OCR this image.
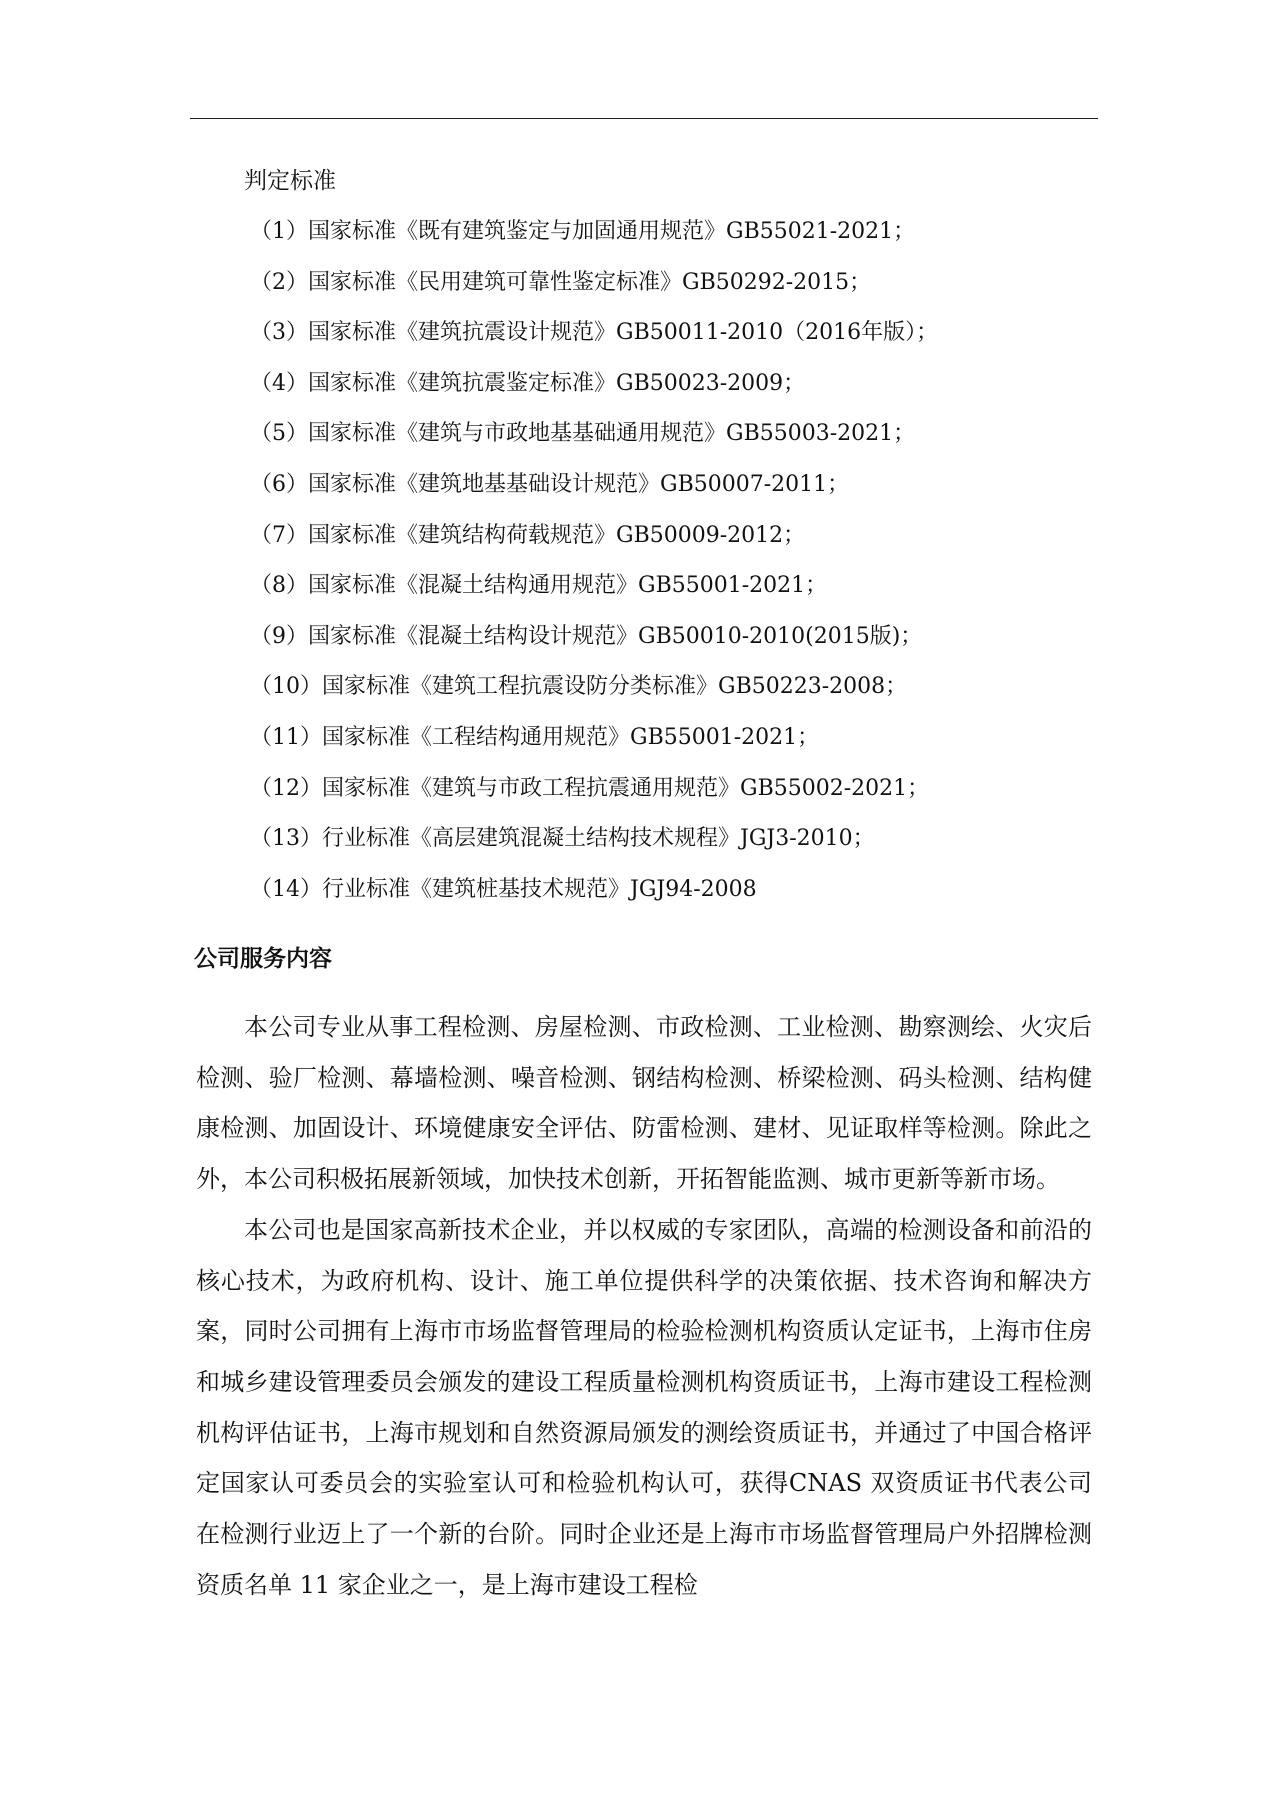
判定标准
（1）国家标准《既有建筑鉴定与加固通用规范》GB55021-2021；
（2）国家标准《民用建筑可靠性鉴定标准》GB50292-2015；
（3）国家标准《建筑抗震设计规范》GB50011-2010（2016年版）；
（4）国家标准《建筑抗震鉴定标准》GB50023-2009；
（5）国家标准《建筑与市政地基基础通用规范》GB55003-2021；
（6）国家标准《建筑地基基础设计规范》GB50007-2011；
（7）国家标准《建筑结构荷载规范》GB50009-2012；
（8）国家标准《混凝土结构通用规范》GB55001-2021；
（9）国家标准《混凝土结构设计规范》GB50010-2010(2015版)；
（10）国家标准《建筑工程抗震设防分类标准》GB50223-2008；
（11）国家标准《工程结构通用规范》GB55001-2021；
（12）国家标准《建筑与市政工程抗震通用规范》GB55002-2021；
（13）行业标准《高层建筑混凝土结构技术规程》JGJ3-2010；
（14）行业标准《建筑桩基技术规范》JGJ94-2008
公司服务内容

本公司专业从事工程检测、房屋检测、市政检测、工业检测、勘察测绘、火灾后检测、验厂检测、幕墙检测、噪音检测、钢结构检测、桥梁检测、码头检测、结构健康检测、加固设计、环境健康安全评估、防雷检测、建材、见证取样等检测。除此之外，本公司积极拓展新领域，加快技术创新，开拓智能监测、城市更新等新市场。

本公司也是国家高新技术企业，并以权威的专家团队，高端的检测设备和前沿的核心技术，为政府机构、设计、施工单位提供科学的决策依据、技术咨询和解决方案，同时公司拥有上海市市场监督管理局的检验检测机构资质认定证书，上海市住房和城乡建设管理委员会颁发的建设工程质量检测机构资质证书，上海市建设工程检测机构评估证书，上海市规划和自然资源局颁发的测绘资质证书，并通过了中国合格评定国家认可委员会的实验室认可和检验机构认可，获得CNAS 双资质证书代表公司在检测行业迈上了一个新的台阶。同时企业还是上海市市场监督管理局户外招牌检测资质名单 11 家企业之一，是上海市建设工程检
